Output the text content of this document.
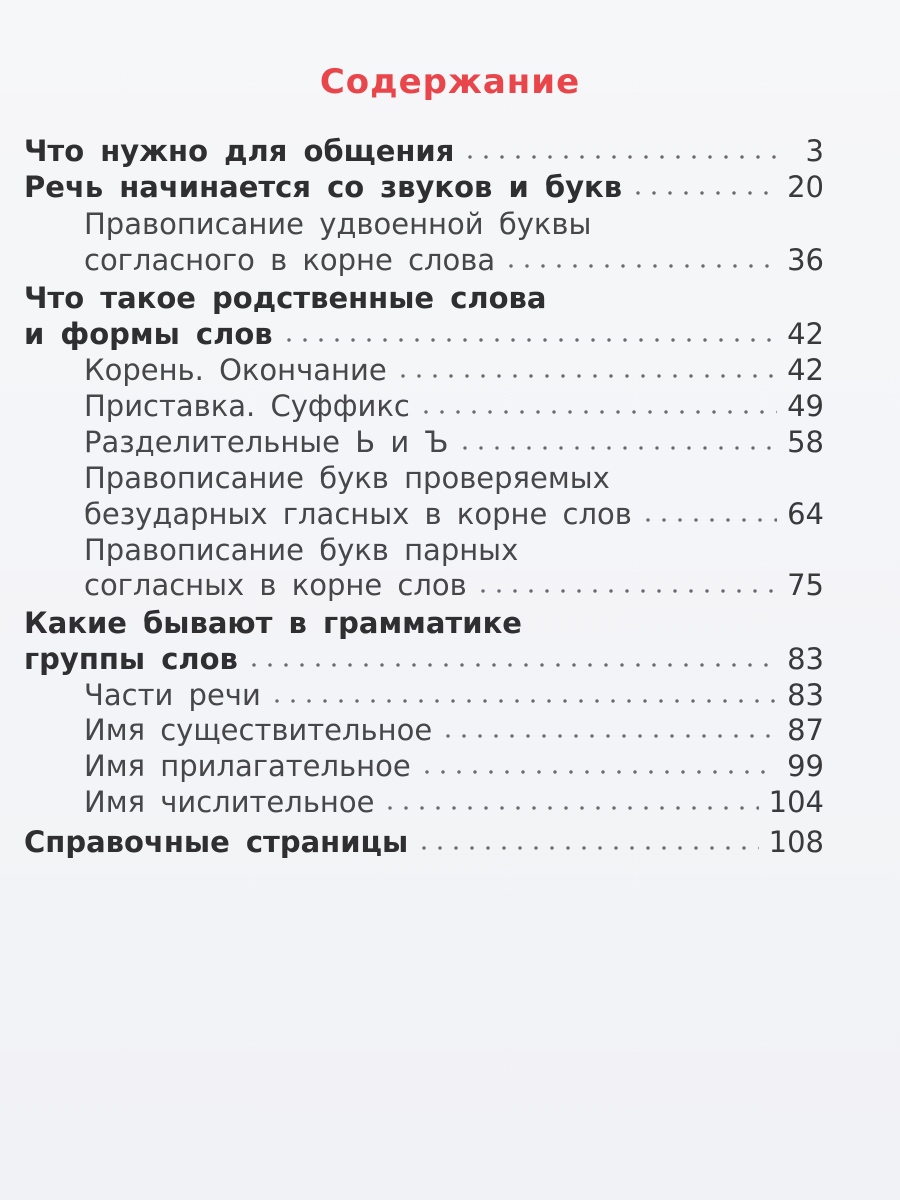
Содержание
Что нужно для общения	3
Речь начинается со звуков и букв	20
Правописание удвоенной буквы
согласного в корне слова	36
Что такое родственные слова
и формы слов	42
Корень. Окончание	42
Приставка. Суффикс	49
Разделительные Ь и Ъ	58
Правописание букв проверяемых
безударных гласных в корне слов	64
Правописание букв парных
согласных в корне слов	75
Какие бывают в грамматике
группы слов	83
Части речи	83
Имя существительное	87
Имя прилагательное	99
Имя числительное	104
Справочные страницы	108
